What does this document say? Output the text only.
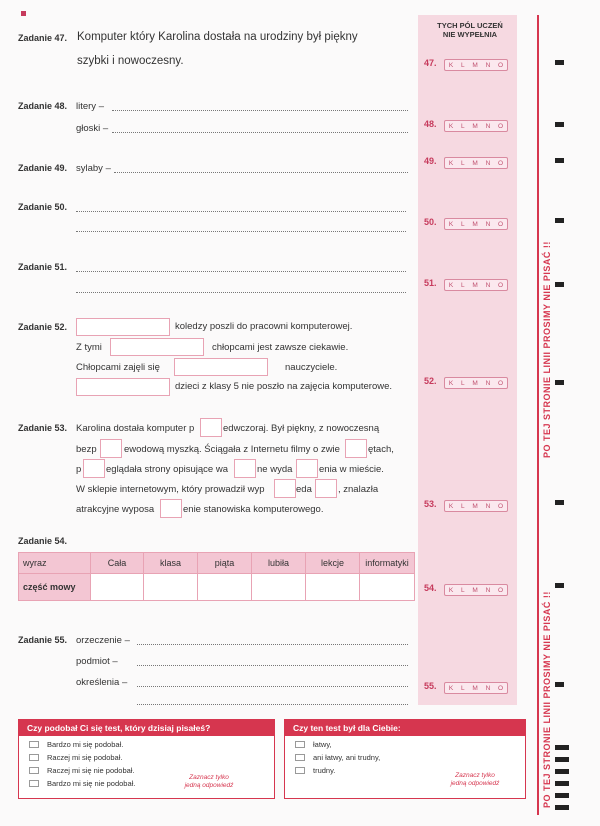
TYCH PÓL UCZEŃ
NIE WYPEŁNIA
PO TEJ STRONIE LINII PROSIMY NIE PISAĆ !!
PO TEJ STRONIE LINII PROSIMY NIE PISAĆ !!
Zadanie 47. Komputer który Karolina dostała na urodziny był piękny
szybki i nowoczesny.	47. K L M N O
Zadanie 48. litery –
głoski –	48. K L M N O
Zadanie 49. sylaby –
49. K L M N O
Zadanie 50.
50. K L M N O
Zadanie 51.
51. K L M N O
Zadanie 52.	koledzy poszli do pracowni komputerowej.
Z tymi	chłopcami jest zawsze ciekawie.
Chłopcami zajęli się	nauczyciele.
dzieci z klasy 5 nie poszło na zajęcia komputerowe.	52. K L M N O
Zadanie 53. Karolina dostała komputer p	edwczoraj. Był piękny, z nowoczesną
bezp	ewodową myszką. Ściągała z Internetu filmy o zwie	ętach,
p	eglądała strony opisujące wa	ne wyda	enia w mieście.
W sklepie internetowym, który prowadził wyp	eda	, znalazła
atrakcyjne wyposa	enie stanowiska komputerowego.	53. K L M N O
Zadanie 54.
wyraz	Cała	klasa	piąta	lubiła	lekcje	informatyki
część mowy							54. K L M N O
Zadanie 55. orzeczenie –
podmiot –
określenia –	55. K L M N O
Czy podobał Ci się test, który dzisiaj pisałeś?
Bardzo mi się podobał.
Raczej mi się podobał.
Raczej mi się nie podobał.
Bardzo mi się nie podobał.
Zaznacz tylko
jedną odpowiedź
Czy ten test był dla Ciebie:
łatwy,
ani łatwy, ani trudny,
trudny.
Zaznacz tylko
jedną odpowiedź
